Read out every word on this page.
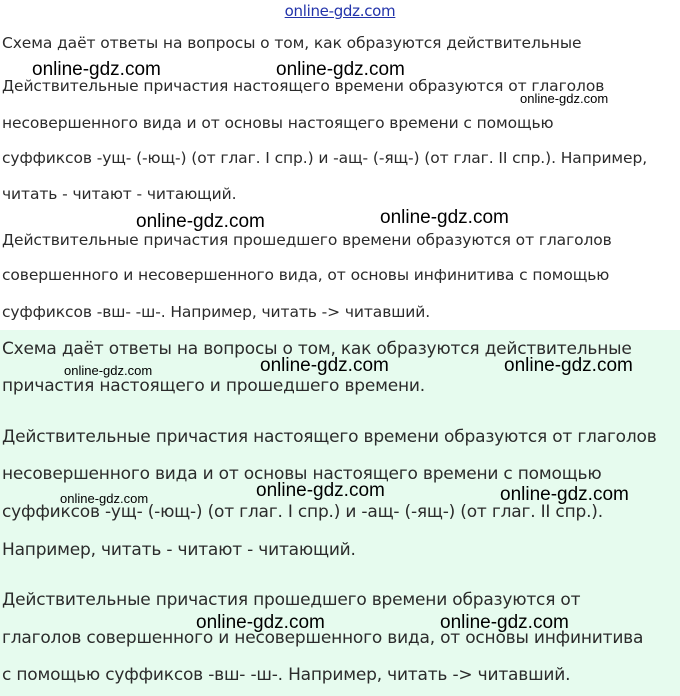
online-gdz.com
Схема даёт ответы на вопросы о том, как образуются действительные
Действительные причастия настоящего времени образуются от глаголов
несовершенного вида и от основы настоящего времени с помощью
суффиксов -ущ- (-ющ-) (от глаг. I спр.) и -ащ- (-ящ-) (от глаг. II спр.). Например,
читать - читают - читающий.
Действительные причастия прошедшего времени образуются от глаголов
совершенного и несовершенного вида, от основы инфинитива с помощью
суффиксов -вш- -ш-. Например, читать -> читавший.
Схема даёт ответы на вопросы о том, как образуются действительные
причастия настоящего и прошедшего времени.
Действительные причастия настоящего времени образуются от глаголов
несовершенного вида и от основы настоящего времени с помощью
суффиксов -ущ- (-ющ-) (от глаг. I спр.) и -ащ- (-ящ-) (от глаг. II спр.).
Например, читать - читают - читающий.
Действительные причастия прошедшего времени образуются от
глаголов совершенного и несовершенного вида, от основы инфинитива
с помощью суффиксов -вш- -ш-. Например, читать -> читавший.
online-gdz.com	online-gdz.com
online-gdz.com
online-gdz.com	online-gdz.com
online-gdz.com	online-gdz.com	online-gdz.com
online-gdz.com	online-gdz.com	online-gdz.com
online-gdz.com	online-gdz.com
